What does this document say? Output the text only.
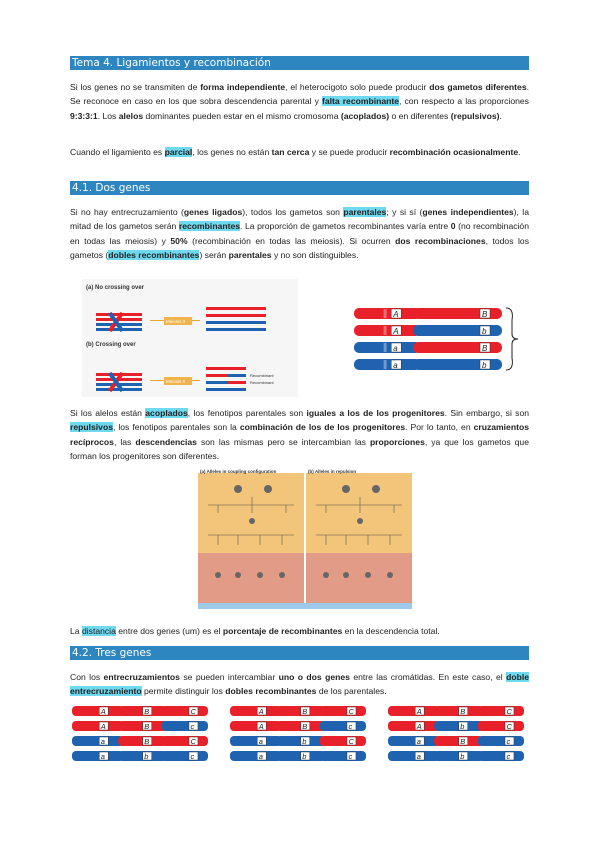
Tema 4. Ligamientos y recombinación
Si los genes no se transmiten de forma independiente, el heterocigoto solo puede producir dos gametos diferentes. Se reconoce en caso en los que sobra descendencia parental y falta recombinante, con respecto a las proporciones 9:3:3:1. Los alelos dominantes pueden estar en el mismo cromosoma (acoplados) o en diferentes (repulsivos).
Cuando el ligamiento es parcial, los genes no están tan cerca y se puede producir recombinación ocasionalmente.
4.1. Dos genes
Si no hay entrecruzamiento (genes ligados), todos los gametos son parentales; y si sí (genes independientes), la mitad de los gametos serán recombinantes. La proporción de gametos recombinantes varía entre 0 (no recombinación en todas las meiosis) y 50% (recombinación en todas las meiosis). Si ocurren dos recombinaciones, todos los gametos (dobles recombinantes) serán parentales y no son distinguibles.
(a) No crossing over
Meiosis II
(b) Crossing over
Meiosis II
Recombinant
Recombinant
A	B
A	b
a	B
a	b
Si los alelos están acoplados, los fenotipos parentales son iguales a los de los progenitores. Sin embargo, si son repulsivos, los fenotipos parentales son la combinación de los de los progenitores. Por lo tanto, en cruzamientos recíprocos, las descendencias son las mismas pero se intercambian las proporciones, ya que los gametos que forman los progenitores son diferentes.
(a) Alleles in coupling configuration	(b) Alleles in repulsion
La distancia entre dos genes (um) es el porcentaje de recombinantes en la descendencia total.
4.2. Tres genes
Con los entrecruzamientos se pueden intercambiar uno o dos genes entre las cromátidas. En este caso, el doble entrecruzamiento permite distinguir los dobles recombinantes de los parentales.
A	B	C
A	B	c
a	B	C
a	b	c
A	B	C
A	B	c
a	b	C
a	b	c
A	B	C
A	b	C
a	B	c
a	b	c
